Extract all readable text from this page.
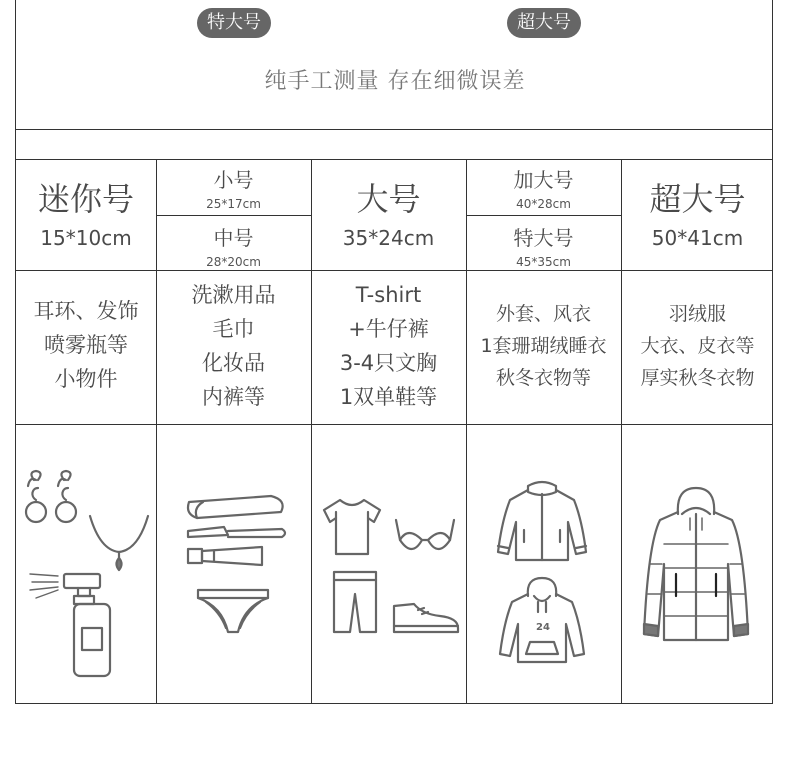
特大号	超大号
纯手工测量 存在细微误差
迷你号
15*10cm
小号
25*17cm
中号
28*20cm
大号
35*24cm
加大号
40*28cm
特大号
45*35cm
超大号
50*41cm
耳环、发饰
喷雾瓶等
小物件
洗漱用品
毛巾
化妆品
内裤等
T-shirt
+牛仔裤
3-4只文胸
1双单鞋等
外套、风衣
1套珊瑚绒睡衣
秋冬衣物等
羽绒服
大衣、皮衣等
厚实秋冬衣物
24
